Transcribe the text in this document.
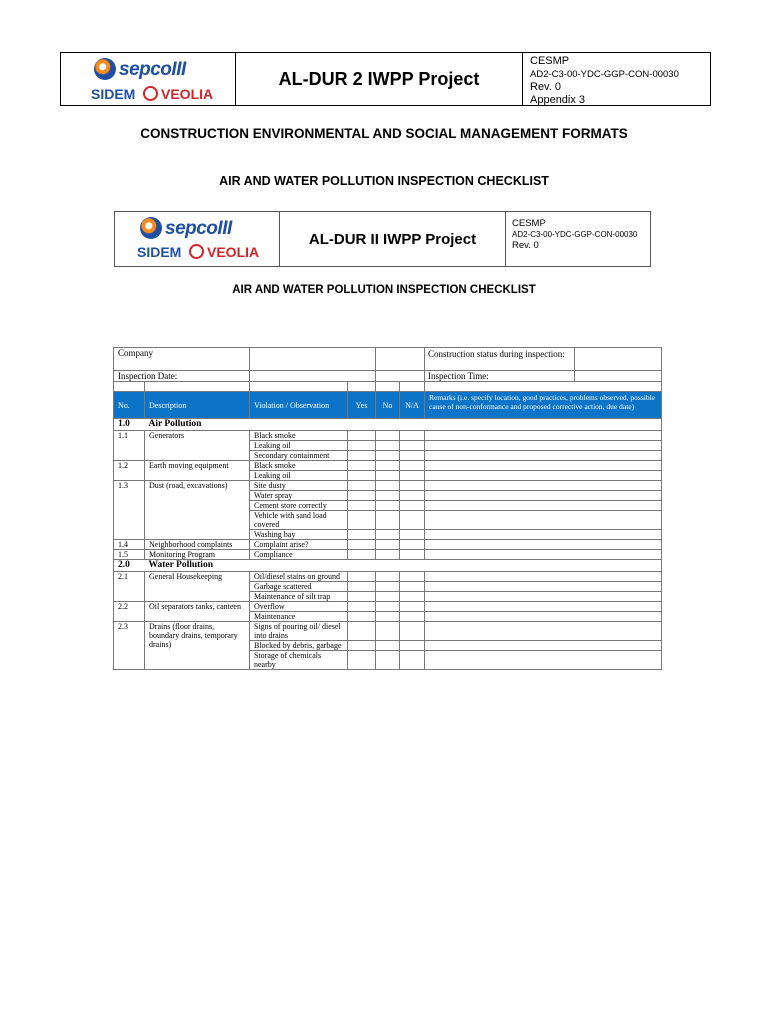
sepcoIII
SIDEM VEOLIA
AL-DUR 2 IWPP Project
CESMP
AD2-C3-00-YDC-GGP-CON-00030
Rev. 0
Appendix 3
CONSTRUCTION ENVIRONMENTAL AND SOCIAL MANAGEMENT FORMATS
AIR AND WATER POLLUTION INSPECTION CHECKLIST
sepcoIII
SIDEM VEOLIA
AL-DUR II IWPP Project
CESMP
AD2-C3-00-YDC-GGP-CON-00030
Rev. 0
AIR AND WATER POLLUTION INSPECTION CHECKLIST
Company						Construction status during inspection:

Inspection Date:						Inspection Time:

No.	Description	Violation / Observation	Yes	No	N/A	Remarks (i.e. specify location, good practices, problems observed, possible cause of non-conformance and proposed corrective action, due date)
1.0	Air Pollution					
1.1	Generators	Black smoke				
		Leaking oil				
		Secondary containment				
1.2	Earth moving equipment	Black smoke				
		Leaking oil				
1.3	Dust (road, excavations)	Site dusty				
		Water spray				
		Cement store correctly				
		Vehicle with sand load covered				
		Washing bay				
1.4	Neighborhood complaints	Complaint arise?				
1.5	Monitoring Program	Compliance				
2.0	Water Pollution					
2.1	General Housekeeping	Oil/diesel stains on ground				
		Garbage scattered				
		Maintenance of silt trap				
2.2	Oil separators tanks, canteen	Overflow				
		Maintenance				
2.3	Drains (floor drains, boundary drains, temporary drains)	Signs of pouring oil/ diesel into drains				
		Blocked by debris, garbage				
		Storage of chemicals nearby				
